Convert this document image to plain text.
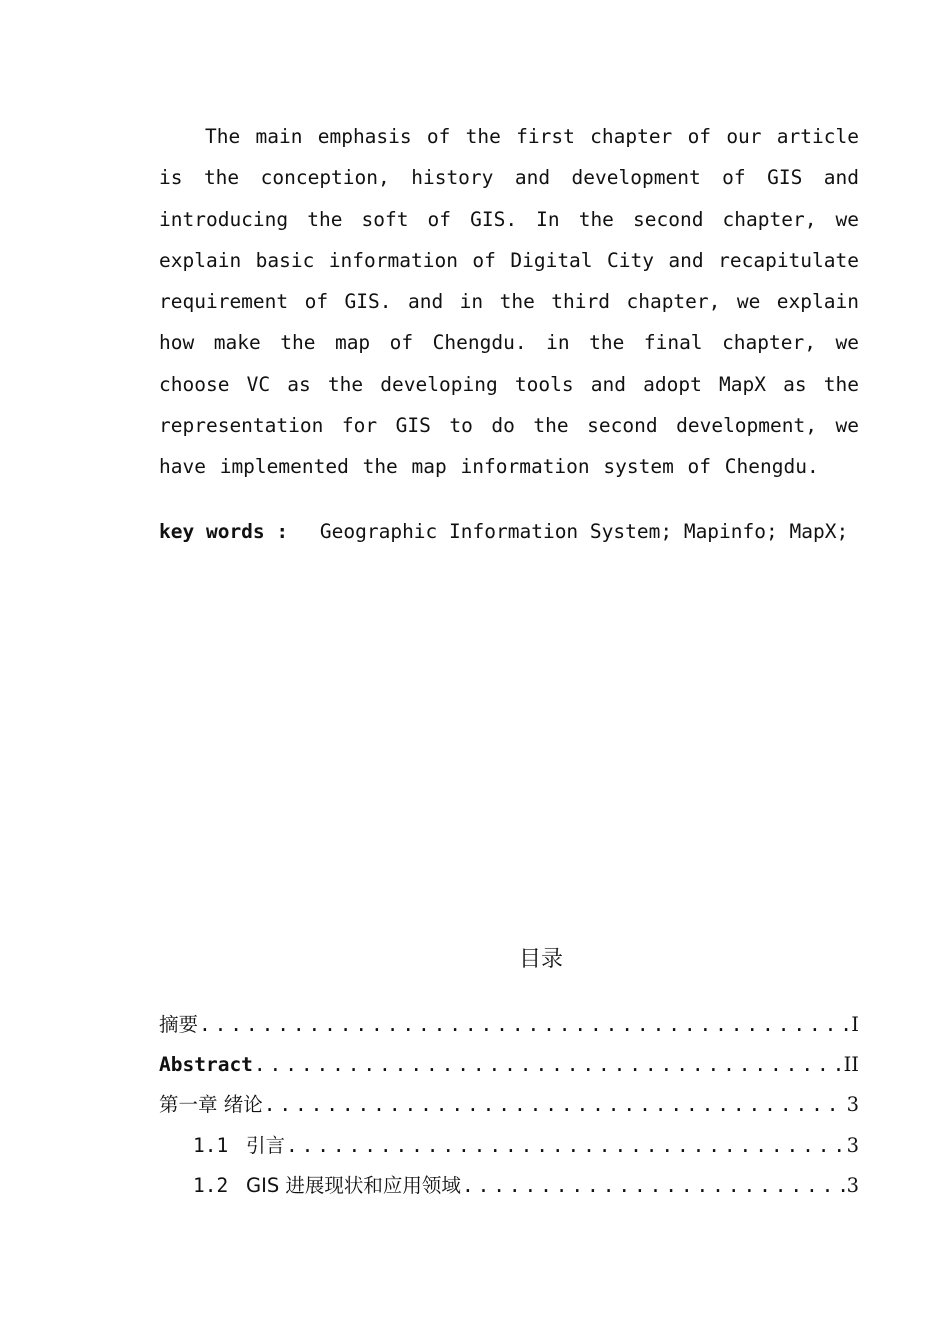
The main emphasis of the first chapter of our article is the conception, history and development of GIS and introducing the soft of GIS. In the second chapter, we explain basic information of Digital City and recapitulate requirement of GIS. and in the third chapter, we explain how make the map of Chengdu. in the final chapter, we choose VC as the developing tools and adopt MapX as the representation for GIS to do the second development, we have implemented the map information system of Chengdu.

key words : Geographic Information System; Mapinfo; MapX;
目录
摘要 .....	I
Abstract .....	II
第一章 绪论 .....	3
1.1 引言 .....	3
1.2 GIS 进展现状和应用领域 .....	3
